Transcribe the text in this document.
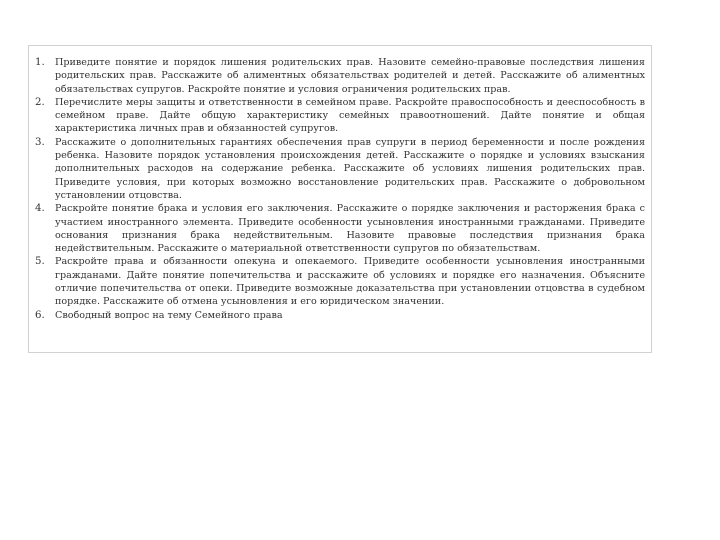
1.	Приведите понятие и порядок лишения родительских прав. Назовите семейно-правовые последствия лишения родительских прав. Расскажите об алиментных обязательствах родителей и детей. Расскажите об алиментных обязательствах супругов. Раскройте понятие и условия ограничения родительских прав.

2.	Перечислите меры защиты и ответственности в семейном праве. Раскройте правоспособность и дееспособность в семейном праве. Дайте общую характеристику семейных правоотношений. Дайте понятие и общая характеристика личных прав и обязанностей супругов.

3.	Расскажите о дополнительных гарантиях обеспечения прав супруги в период беременности и после рождения ребенка. Назовите порядок установления происхождения детей. Расскажите о порядке и условиях взыскания дополнительных расходов на содержание ребенка. Расскажите об условиях лишения родительских прав. Приведите условия, при которых возможно восстановление родительских прав. Расскажите о добровольном установлении отцовства.

4.	Раскройте понятие брака и условия его заключения. Расскажите о порядке заключения и расторжения брака с участием иностранного элемента. Приведите особенности усыновления иностранными гражданами. Приведите основания признания брака недействительным. Назовите правовые последствия признания брака недействительным. Расскажите о материальной ответственности супругов по обязательствам.

5.	Раскройте права и обязанности опекуна и опекаемого. Приведите особенности усыновления иностранными гражданами. Дайте понятие попечительства и расскажите об условиях и порядке его назначения. Объясните отличие попечительства от опеки. Приведите возможные доказательства при установлении отцовства в судебном порядке. Расскажите об отмена усыновления и его юридическом значении.

6.	Свободный вопрос на тему Семейного права
